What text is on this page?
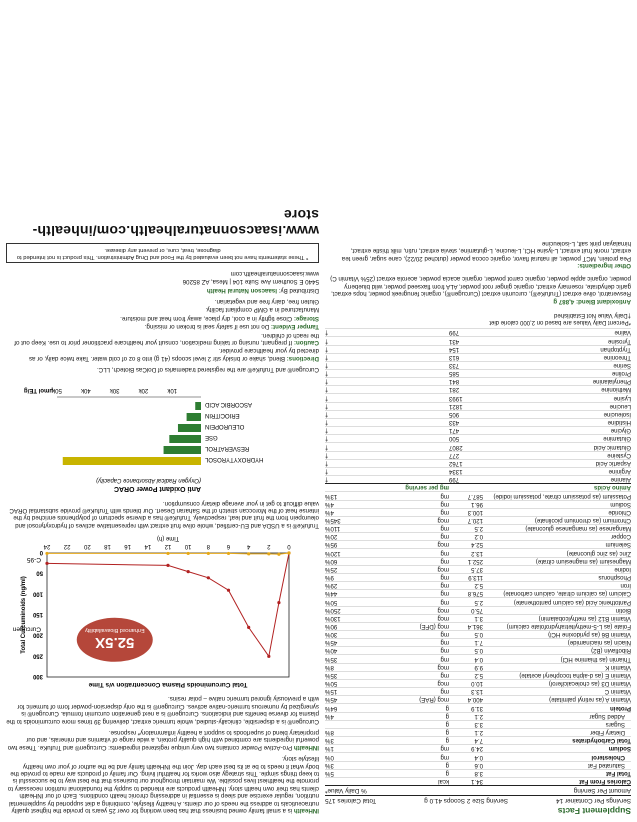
Supplement Facts
Servings Per Container 14
Serving Size 2 Scoops 41.0 g
Total Calories 175
Amount Per Serving
% Daily Value*
Calories From Fat
34.1
kcal
Total Fat
3.8
g
5%
Saturated Fat
0.6
g
3%
Cholesterol
0.4
mg
0%
Sodium
24.9
mg
1%
Total Carbohydrates
7.4
g
3%
Dietary Fiber
2.1
g
8%
Sugars
3.3
g
Added Sugar
2.1
g
4%
Protein
31.9
g
64%
Vitamin A (as retinyl palmitate)
400.4
mcg (RAE)
45%
Vitamin C
13.3
mg
15%
Vitamin D3 (as cholecalciferol)
10.0
mcg
50%
Vitamin E (as d-alpha tocopheryl acetate)
5.2
mg
35%
Vitamin K
9.9
mcg
8%
Thiamin (as thiamine HCl)
0.4
mg
35%
Riboflavin (B2)
0.5
mg
40%
Niacin (as niacinamide)
7.1
mg
45%
Vitamin B6 (as pyridoxine HCl)
0.5
mg
30%
Folate (as L-5-methyltetrahydrofolate calcium)
361.4
mcg (DFE)
90%
Vitamin B12 (as methylcobalamin)
3.1
mcg
130%
Biotin
75.0
mcg
250%
Pantothenic Acid (as calcium pantothenate)
2.5
mg
50%
Calcium (as calcium citrate, calcium carbonate)
576.8
mg
44%
Iron
5.2
mg
29%
Phosphorus
113.9
mg
9%
Iodine
37.5
mcg
25%
Magnesium (as magnesium citrate)
252.1
mg
60%
Zinc (as zinc gluconate)
13.2
mg
120%
Selenium
52.4
mcg
95%
Copper
0.2
mg
20%
Manganese (as manganese gluconate)
2.5
mg
110%
Chromium (as chromium picolinate)
120.7
mcg
345%
Chloride
100.3
mg
4%
Sodium
96.1
mg
4%
Potassium (as potassium citrate, potassium iodide)
587.7
mg
13%
Amino Acids
mg per serving
Alanine
799
†
Arginine
1334
†
Aspartic Acid
1762
†
Cysteine
277
†
Glutamic Acid
2807
†
Glutamine
500
†
Glycine
471
†
Histidine
433
†
Isoleucine
905
†
Leucine
1821
†
Lysine
1993
†
Methionine
281
†
Phenylalanine
841
†
Proline
585
†
Serine
733
†
Threonine
613
†
Tryptophan
154
†
Tyrosine
431
†
Valine
799
†
*Percent Daily Values are based on 2,000 calorie diet
†Daily Value Not Established
Antioxidant Blend: 4,887 g
Resveratrol, olive extract (TrufuKe®), curcumin extract (Curcugen®), organic fenugreek powder, hops extract, garlic dehydrate, rosemary extract, organic ginger root powder, ALA from flaxseed powder, wild blueberry powder, organic apple powder, organic carrot powder, organic acacia powder, acerola extract (25% Vitamin C)
Other Ingredients:
Pea protein, MCT powder, all natural flavor, organic cocoa powder (dutched 20/22), cane sugar, green tea extract, monk fruit extract, L-lysine HCl, L-leucine, L-glutamine, stevia extract, rutin, milk thistle extract, himalayan pink salt, L-isoleucine
INHealth is a small family owned business that has been working for over 25 years to provide the highest quality nutraceuticals to address the needs of our clients. A healthy lifestyle, combining a diet supported by supplemental nutrition, regular exercise and sleep is essential in addressing chronic health conditions. Each of our INHealth clients has their own health story. INHealth products are intended to supply the foundational nutrition necessary to promote the healthiest lives possible. We maintain throughout our business that the best way to be successful is to keep things simple. This strategy also works for healthful living. Our family of products are made to provide the body what it needs to be at its best each day. Join the INHealth family and be the author of your own healthy lifestyle story.
INHealth Pro-Active Powder contains two very unique registered ingredients: Curcugen® and TrufuKe. These two powerful ingredients are combined with high quality protein, a wide range of vitamins and minerals, and our proprietary blend of superfoods to support a healthy inflammatory* response.
Curcugen® is a dispersible, clinically-studied, whole turmeric extract, delivering 39 times more curcuminoids to the plasma for diverse benefits and indications. Curcugen® is a next generation curcumin formula. Curcugen® is synergized by numerous turmeric-native actives. Curcugen® is the only dispersion-powder form of turmeric for with a previously ignored turmeric native – polar resins.
Total Curcuminoids Plasma Concentration v/s Time
0
50
100
150
200
250
300
0
2
4
6
8
10
12
14
16
18
20
22
24
Time (h)
Total Curcuminoids (ng/ml)	52.5X
Enhanced Bioavailability
Curcugen
C-95
TrufuKe® is a USDA and EU-certified, whole olive fruit extract with representative actives of hydroxytyrosol and oleuropein from the fruit and leaf, respectively. TrufuKe® has a diverse spectrum of polyphenols enriched by the intense heat of the Moroccan stretch of the Saharan Desert. Our blends with TrufuKe® provide substantial ORAC value difficult to get in your average dietary consumption.
Anti Oxidant Power ORAC
(Oxygen Radical Absorbance Capacity)
HYDROXYTYROSOL
RESVERATROL
GSE
OLEUROPEIN
ERIOCITRIN
ASCORBIC ACID
10k
20k
30k
40k
50k
μmol TE/g
Curcugen® and TrufuKe® are the registered trademarks of DolCas Biotech, LLC.
Directions: Blend, shake or briskly stir 2 level scoops (41 g) into 8 oz of cold water. Take twice daily, or as directed by your healthcare provider.
Caution: If pregnant, nursing or taking medication, consult your healthcare practitioner prior to use. Keep out of the reach of children.
Tamper Evident: Do not use if safety seal is broken or missing.
Storage: Close tightly in a cool, dry place, away from heat and moisture.
Manufactured in a GMP compliant facility.
Gluten free, dairy free and vegetarian.
Distributed By: Isaacson Natural Health
5440 E Southern Ave Suite 104 | Mesa, AZ 85206
www.isaacsonnaturalhealth.com
* These statements have not been evaluated by the Food and Drug Administration. This product is not intended to diagnose, treat, cure, or prevent any disease.
www.isaacsonnaturalhealth.com/inhealth-store
